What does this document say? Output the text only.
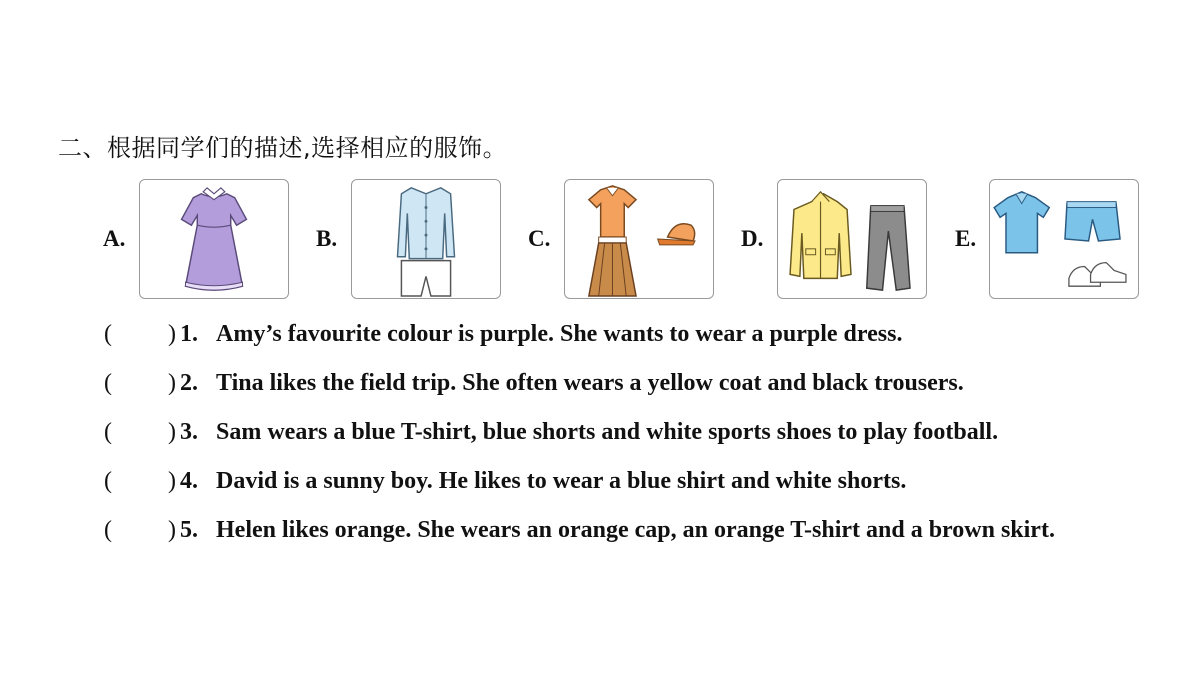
二、根据同学们的描述,选择相应的服饰。
A.	B.	C.	D.	E.
( ) 1. Amy’s favourite colour is purple. She wants to wear a purple dress.
( ) 2. Tina likes the field trip. She often wears a yellow coat and black trousers.
( ) 3. Sam wears a blue T-shirt, blue shorts and white sports shoes to play football.
( ) 4. David is a sunny boy. He likes to wear a blue shirt and white shorts.
( ) 5. Helen likes orange. She wears an orange cap, an orange T-shirt and a brown skirt.
